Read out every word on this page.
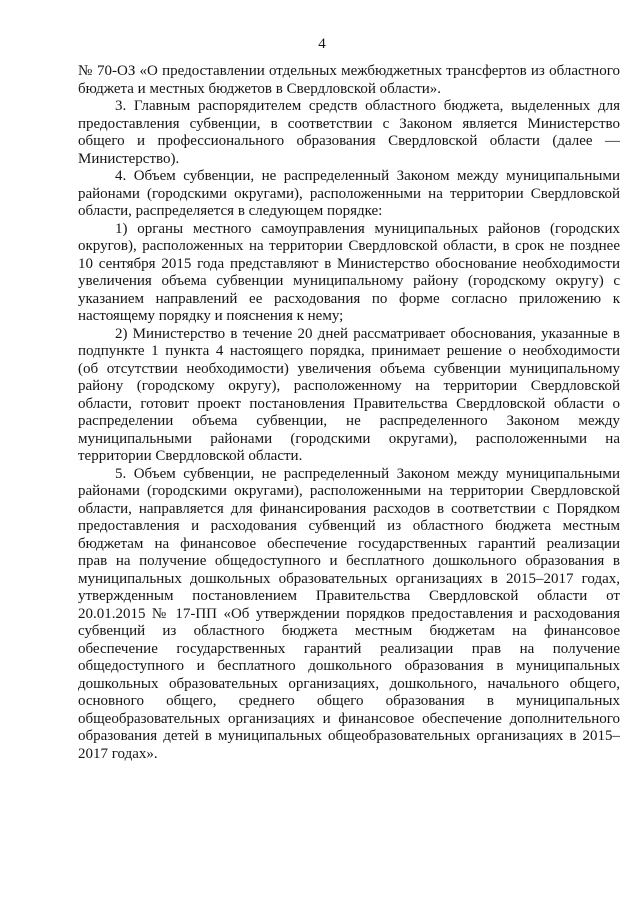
4
№ 70-ОЗ «О предоставлении отдельных межбюджетных трансфертов из областного
бюджета и местных бюджетов в Свердловской области».
3. Главным распорядителем средств областного бюджета, выделенных для
предоставления субвенции, в соответствии с Законом является Министерство
общего и профессионального образования Свердловской области (далее —
Министерство).
4. Объем субвенции, не распределенный Законом между муниципальными
районами (городскими округами), расположенными на территории Свердловской
области, распределяется в следующем порядке:
1) органы местного самоуправления муниципальных районов (городских
округов), расположенных на территории Свердловской области, в срок не позднее
10 сентября 2015 года представляют в Министерство обоснование необходимости
увеличения объема субвенции муниципальному району (городскому округу) с
указанием направлений ее расходования по форме согласно приложению к
настоящему порядку и пояснения к нему;
2) Министерство в течение 20 дней рассматривает обоснования, указанные в
подпункте 1 пункта 4 настоящего порядка, принимает решение о необходимости
(об отсутствии необходимости) увеличения объема субвенции муниципальному
району (городскому округу), расположенному на территории Свердловской
области, готовит проект постановления Правительства Свердловской области о
распределении объема субвенции, не распределенного Законом между
муниципальными районами (городскими округами), расположенными на
территории Свердловской области.
5. Объем субвенции, не распределенный Законом между муниципальными
районами (городскими округами), расположенными на территории Свердловской
области, направляется для финансирования расходов в соответствии с Порядком
предоставления и расходования субвенций из областного бюджета местным
бюджетам на финансовое обеспечение государственных гарантий реализации
прав на получение общедоступного и бесплатного дошкольного образования в
муниципальных дошкольных образовательных организациях в 2015–2017 годах,
утвержденным постановлением Правительства Свердловской области от
20.01.2015 № 17-ПП «Об утверждении порядков предоставления и расходования
субвенций из областного бюджета местным бюджетам на финансовое
обеспечение государственных гарантий реализации прав на получение
общедоступного и бесплатного дошкольного образования в муниципальных
дошкольных образовательных организациях, дошкольного, начального общего,
основного общего, среднего общего образования в муниципальных
общеобразовательных организациях и финансовое обеспечение дополнительного
образования детей в муниципальных общеобразовательных организациях в 2015–
2017 годах».
